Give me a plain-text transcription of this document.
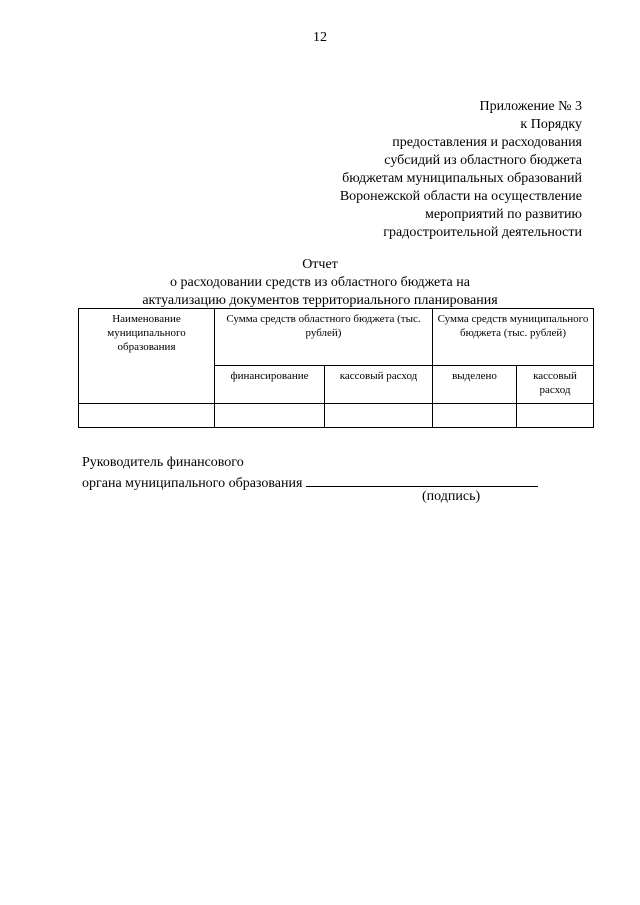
12
Приложение № 3
к Порядку
предоставления и расходования
субсидий из областного бюджета
бюджетам муниципальных образований
Воронежской области на осуществление
мероприятий по развитию
градостроительной деятельности
Отчет
о расходовании средств из областного бюджета на
актуализацию документов территориального планирования
Наименование муниципального образования	Сумма средств областного бюджета (тыс. рублей)		Сумма средств муниципального бюджета (тыс. рублей)	
	финансирование	кассовый расход	выделено	кассовый расход

Руководитель финансового
органа муниципального образования
(подпись)
